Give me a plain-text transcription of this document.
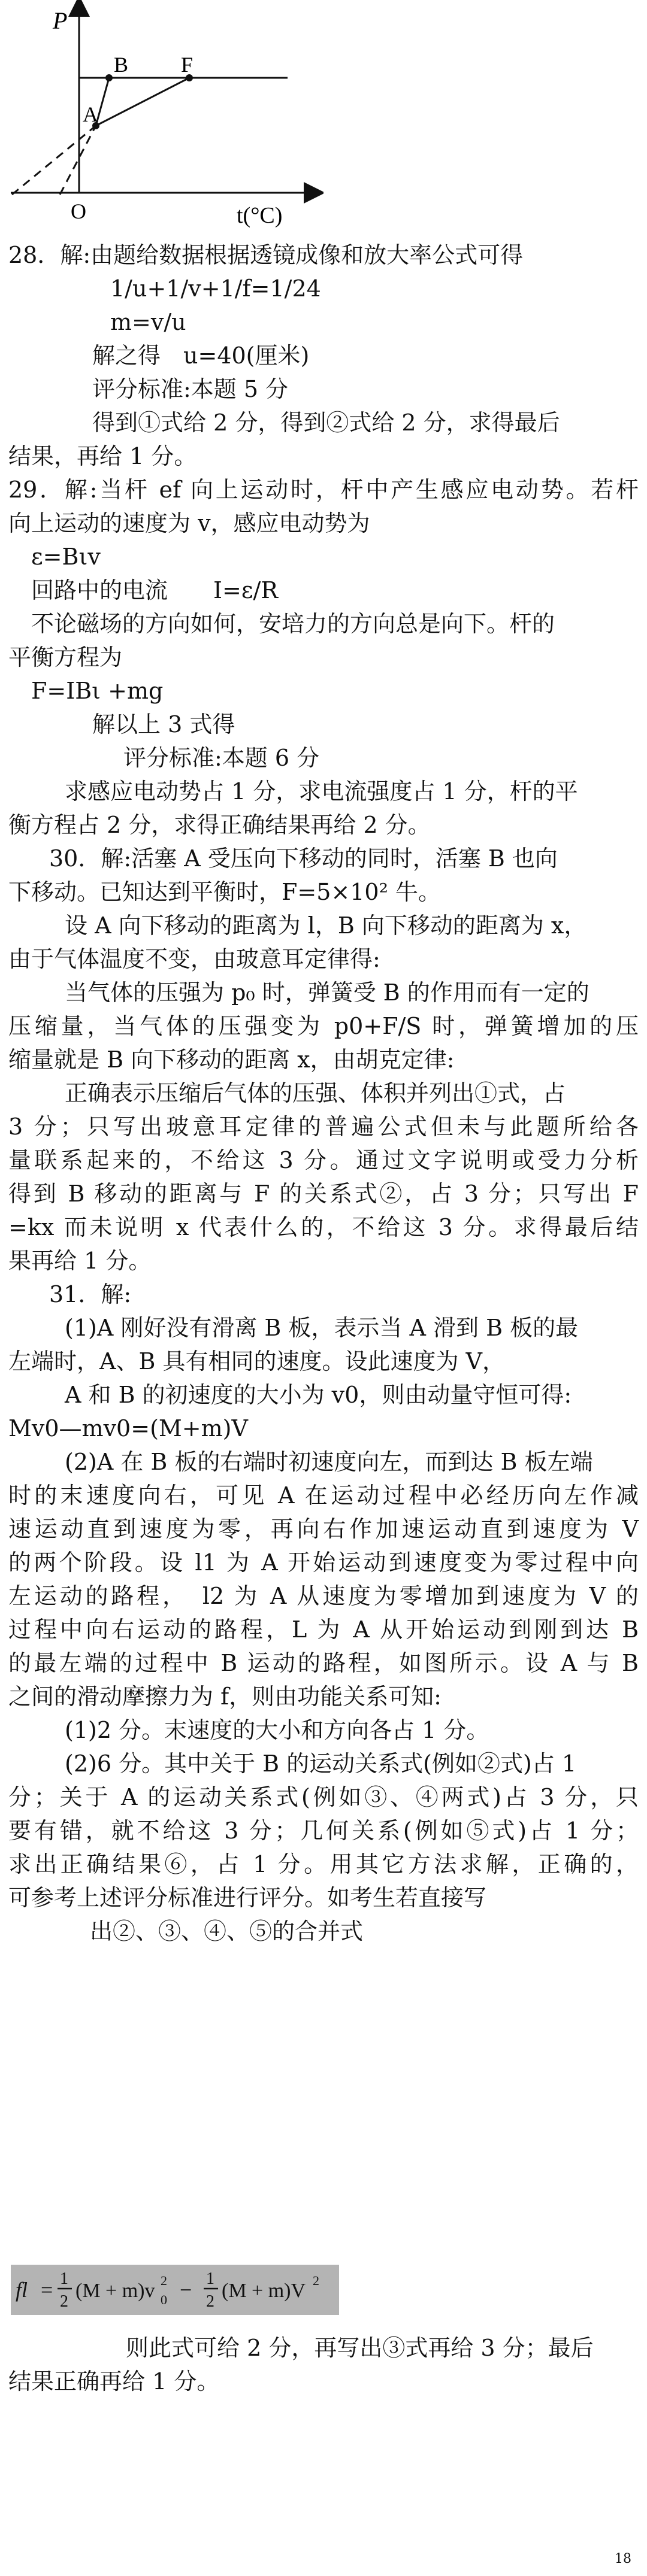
P
t(°C)
O
A
B F

28．解:由题给数据根据透镜成像和放大率公式可得

1/u+1/v+1/f=1/24

m=v/u

解之得　u=40(厘米)

评分标准:本题 5 分

得到①式给 2 分，得到②式给 2 分，求得最后

结果，再给 1 分。

29．解:当杆 ef 向上运动时，杆中产生感应电动势。若杆

向上运动的速度为 v，感应电动势为

ε=Bιv

回路中的电流　　I=ε/R

不论磁场的方向如何，安培力的方向总是向下。杆的

平衡方程为

F=IBι +mg

解以上 3 式得

评分标准:本题 6 分

求感应电动势占 1 分，求电流强度占 1 分，杆的平

衡方程占 2 分，求得正确结果再给 2 分。

30．解:活塞 A 受压向下移动的同时，活塞 B 也向

下移动。已知达到平衡时，F=5×10² 牛。

设 A 向下移动的距离为 l，B 向下移动的距离为 x，

由于气体温度不变，由玻意耳定律得:

当气体的压强为 p₀ 时，弹簧受 B 的作用而有一定的

压缩量，当气体的压强变为 p0+F/S 时，弹簧增加的压

缩量就是 B 向下移动的距离 x，由胡克定律:

正确表示压缩后气体的压强、体积并列出①式，占

3 分；只写出玻意耳定律的普遍公式但未与此题所给各

量联系起来的，不给这 3 分。通过文字说明或受力分析

得到 B 移动的距离与 F 的关系式②，占 3 分；只写出 F

=kx 而未说明 x 代表什么的，不给这 3 分。求得最后结

果再给 1 分。

31．解:

(1)A 刚好没有滑离 B 板，表示当 A 滑到 B 板的最

左端时，A、B 具有相同的速度。设此速度为 V，

A 和 B 的初速度的大小为 v0，则由动量守恒可得:

Mv0—mv0=(M+m)V

(2)A 在 B 板的右端时初速度向左，而到达 B 板左端

时的末速度向右，可见 A 在运动过程中必经历向左作减

速运动直到速度为零，再向右作加速运动直到速度为 V

的两个阶段。设 l1 为 A 开始运动到速度变为零过程中向

左运动的路程，　l2 为 A 从速度为零增加到速度为 V 的

过程中向右运动的路程，L 为 A 从开始运动到刚到达 B

的最左端的过程中 B 运动的路程，如图所示。设 A 与 B

之间的滑动摩擦力为 f，则由功能关系可知:

(1)2 分。末速度的大小和方向各占 1 分。

(2)6 分。其中关于 B 的运动关系式(例如②式)占 1

分；关于 A 的运动关系式(例如③、④两式)占 3 分，只

要有错，就不给这 3 分；几何关系(例如⑤式)占 1 分；

求出正确结果⑥，占 1 分。用其它方法求解，正确的，

可参考上述评分标准进行评分。如考生若直接写

出②、③、④、⑤的合并式

fl = 1
2 (M + m)v 0
2 − 1
2 (M + m)V 2

则此式可给 2 分，再写出③式再给 3 分；最后

结果正确再给 1 分。

18
